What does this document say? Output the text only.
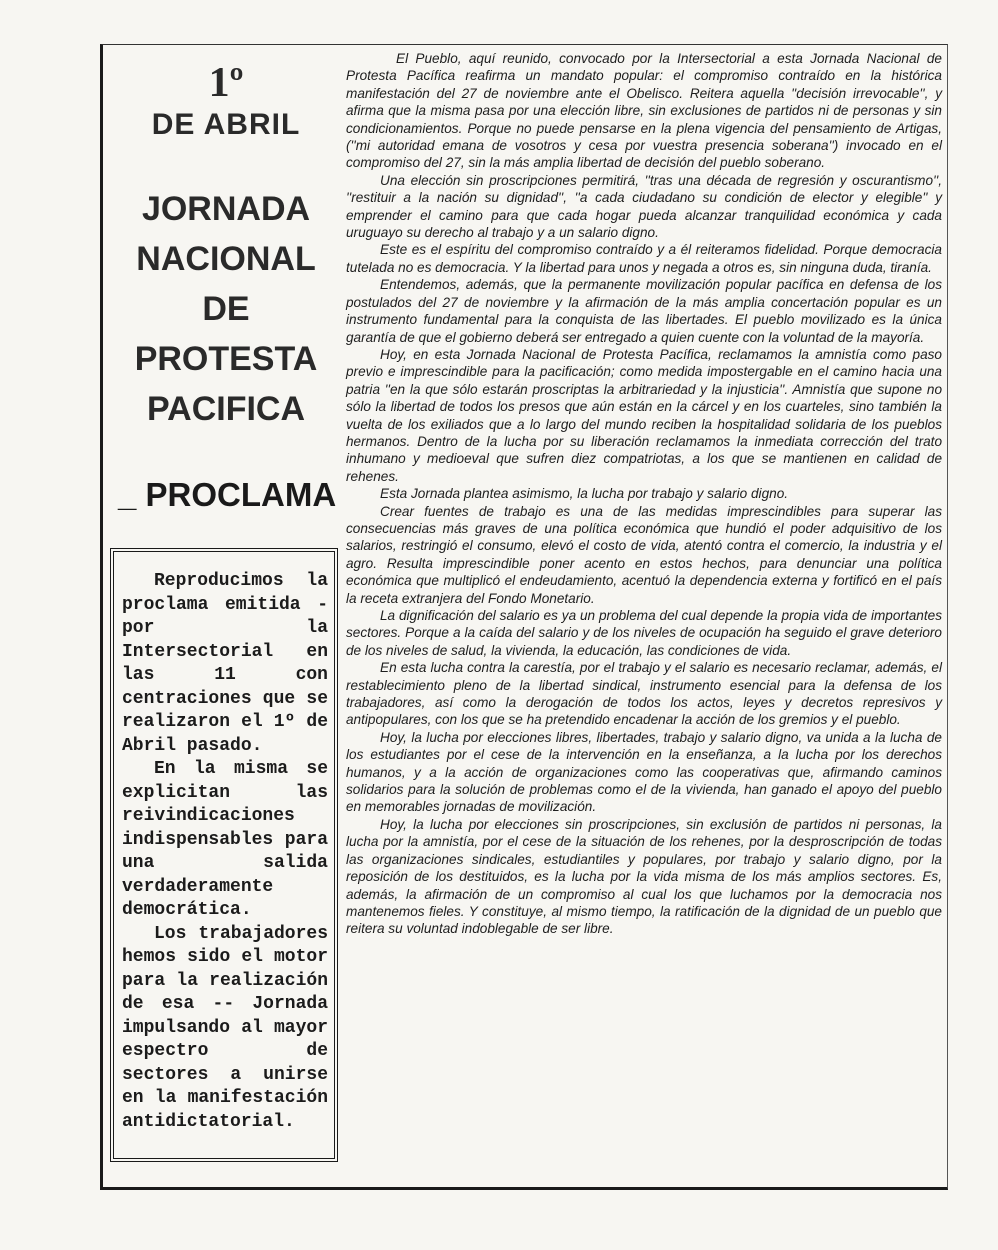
1º
DE ABRIL
JORNADA
NACIONAL
DE
PROTESTA
PACIFICA
_ PROCLAMA

Reproducimos la proclama emitida - por la Intersectorial en las 11 con centraciones que se realizaron el 1º de Abril pasado.

En la misma se explicitan las reivindicaciones indispensables para una salida verdaderamente democrática.

Los trabajadores hemos sido el motor para la realización de esa -- Jornada impulsando al mayor espectro de sectores a unirse en la manifestación antidictatorial.

El Pueblo, aquí reunido, convocado por la Intersectorial a esta Jornada Nacional de Protesta Pacífica reafirma un mandato popular: el compromiso contraído en la histórica manifestación del 27 de noviembre ante el Obelisco. Reitera aquella ''decisión irrevocable'', y afirma que la misma pasa por una elección libre, sin exclusiones de partidos ni de personas y sin condicionamientos. Porque no puede pensarse en la plena vigencia del pensamiento de Artigas, (''mi autoridad emana de vosotros y cesa por vuestra presencia soberana'') invocado en el compromiso del 27, sin la más amplia libertad de decisión del pueblo soberano.

Una elección sin proscripciones permitirá, ''tras una década de regresión y oscurantismo'', ''restituir a la nación su dignidad'', ''a cada ciudadano su condición de elector y elegible'' y emprender el camino para que cada hogar pueda alcanzar tranquilidad económica y cada uruguayo su derecho al trabajo y a un salario digno.

Este es el espíritu del compromiso contraído y a él reiteramos fidelidad. Porque democracia tutelada no es democracia. Y la libertad para unos y negada a otros es, sin ninguna duda, tiranía.

Entendemos, además, que la permanente movilización popular pacífica en defensa de los postulados del 27 de noviembre y la afirmación de la más amplia concertación popular es un instrumento fundamental para la conquista de las libertades. El pueblo movilizado es la única garantía de que el gobierno deberá ser entregado a quien cuente con la voluntad de la mayoría.

Hoy, en esta Jornada Nacional de Protesta Pacífica, reclamamos la amnistía como paso previo e imprescindible para la pacificación; como medida impostergable en el camino hacia una patria ''en la que sólo estarán proscriptas la arbitrariedad y la injusticia''. Amnistía que supone no sólo la libertad de todos los presos que aún están en la cárcel y en los cuarteles, sino también la vuelta de los exiliados que a lo largo del mundo reciben la hospitalidad solidaria de los pueblos hermanos. Dentro de la lucha por su liberación reclamamos la inmediata corrección del trato inhumano y medioeval que sufren diez compatriotas, a los que se mantienen en calidad de rehenes.

Esta Jornada plantea asimismo, la lucha por trabajo y salario digno.

Crear fuentes de trabajo es una de las medidas imprescindibles para superar las consecuencias más graves de una política económica que hundió el poder adquisitivo de los salarios, restringió el consumo, elevó el costo de vida, atentó contra el comercio, la industria y el agro. Resulta imprescindible poner acento en estos hechos, para denunciar una política económica que multiplicó el endeudamiento, acentuó la dependencia externa y fortificó en el país la receta extranjera del Fondo Monetario.

La dignificación del salario es ya un problema del cual depende la propia vida de importantes sectores. Porque a la caída del salario y de los niveles de ocupación ha seguido el grave deterioro de los niveles de salud, la vivienda, la educación, las condiciones de vida.

En esta lucha contra la carestía, por el trabajo y el salario es necesario reclamar, además, el restablecimiento pleno de la libertad sindical, instrumento esencial para la defensa de los trabajadores, así como la derogación de todos los actos, leyes y decretos represivos y antipopulares, con los que se ha pretendido encadenar la acción de los gremios y el pueblo.

Hoy, la lucha por elecciones libres, libertades, trabajo y salario digno, va unida a la lucha de los estudiantes por el cese de la intervención en la enseñanza, a la lucha por los derechos humanos, y a la acción de organizaciones como las cooperativas que, afirmando caminos solidarios para la solución de problemas como el de la vivienda, han ganado el apoyo del pueblo en memorables jornadas de movilización.

Hoy, la lucha por elecciones sin proscripciones, sin exclusión de partidos ni personas, la lucha por la amnistía, por el cese de la situación de los rehenes, por la desproscripción de todas las organizaciones sindicales, estudiantiles y populares, por trabajo y salario digno, por la reposición de los destituidos, es la lucha por la vida misma de los más amplios sectores. Es, además, la afirmación de un compromiso al cual los que luchamos por la democracia nos mantenemos fieles. Y constituye, al mismo tiempo, la ratificación de la dignidad de un pueblo que reitera su voluntad indoblegable de ser libre.
